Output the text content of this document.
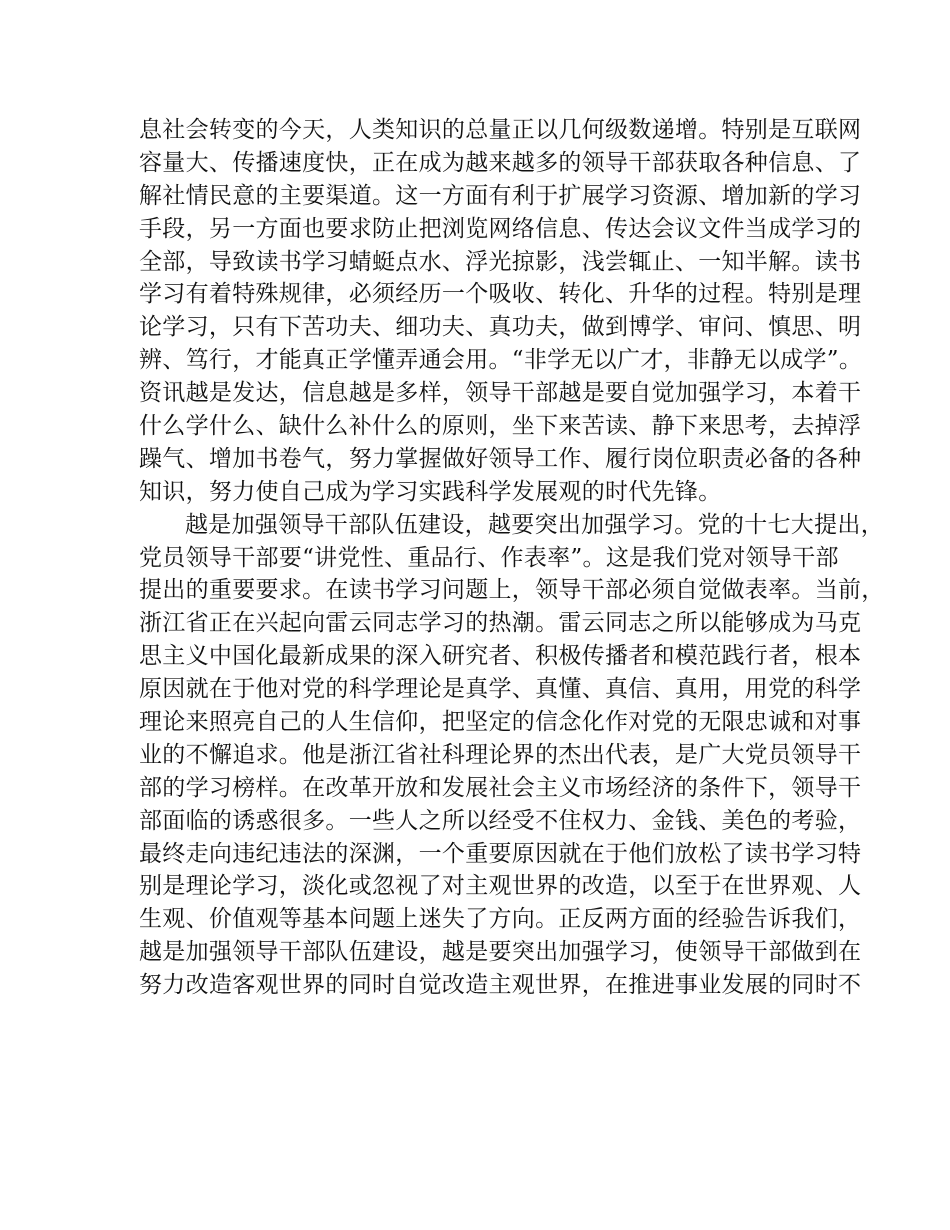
息社会转变的今天，人类知识的总量正以几何级数递增。特别是互联网
容量大、传播速度快，正在成为越来越多的领导干部获取各种信息、了
解社情民意的主要渠道。这一方面有利于扩展学习资源、增加新的学习
手段，另一方面也要求防止把浏览网络信息、传达会议文件当成学习的
全部，导致读书学习蜻蜓点水、浮光掠影，浅尝辄止、一知半解。读书
学习有着特殊规律，必须经历一个吸收、转化、升华的过程。特别是理
论学习，只有下苦功夫、细功夫、真功夫，做到博学、审问、慎思、明
辨、笃行，才能真正学懂弄通会用。“非学无以广才，非静无以成学”。
资讯越是发达，信息越是多样，领导干部越是要自觉加强学习，本着干
什么学什么、缺什么补什么的原则，坐下来苦读、静下来思考，去掉浮
躁气、增加书卷气，努力掌握做好领导工作、履行岗位职责必备的各种
知识，努力使自己成为学习实践科学发展观的时代先锋。
越是加强领导干部队伍建设，越要突出加强学习。党的十七大提出，
党员领导干部要“讲党性、重品行、作表率”。这是我们党对领导干部
提出的重要要求。在读书学习问题上，领导干部必须自觉做表率。当前，
浙江省正在兴起向雷云同志学习的热潮。雷云同志之所以能够成为马克
思主义中国化最新成果的深入研究者、积极传播者和模范践行者，根本
原因就在于他对党的科学理论是真学、真懂、真信、真用，用党的科学
理论来照亮自己的人生信仰，把坚定的信念化作对党的无限忠诚和对事
业的不懈追求。他是浙江省社科理论界的杰出代表，是广大党员领导干
部的学习榜样。在改革开放和发展社会主义市场经济的条件下，领导干
部面临的诱惑很多。一些人之所以经受不住权力、金钱、美色的考验，
最终走向违纪违法的深渊，一个重要原因就在于他们放松了读书学习特
别是理论学习，淡化或忽视了对主观世界的改造，以至于在世界观、人
生观、价值观等基本问题上迷失了方向。正反两方面的经验告诉我们，
越是加强领导干部队伍建设，越是要突出加强学习，使领导干部做到在
努力改造客观世界的同时自觉改造主观世界，在推进事业发展的同时不
